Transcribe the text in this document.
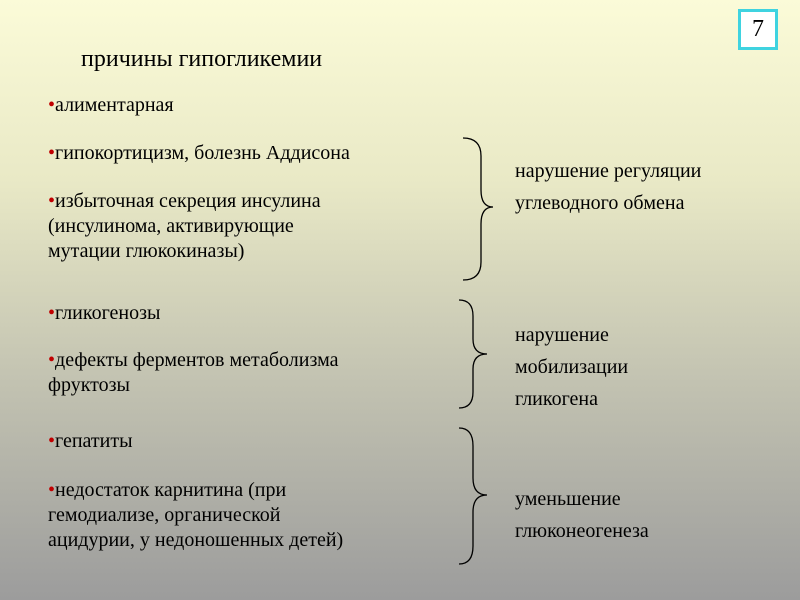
7
причины гипогликемии
•алиментарная
•гипокортицизм, болезнь Аддисона
•избыточная секреция инсулина
(инсулинома, активирующие
мутации глюкокиназы)
•гликогенозы
•дефекты ферментов метаболизма
фруктозы
•гепатиты
•недостаток карнитина (при
гемодиализе, органической
ацидурии, у недоношенных детей)
нарушение регуляции
углеводного обмена
нарушение
мобилизации
гликогена
уменьшение
глюконеогенеза
